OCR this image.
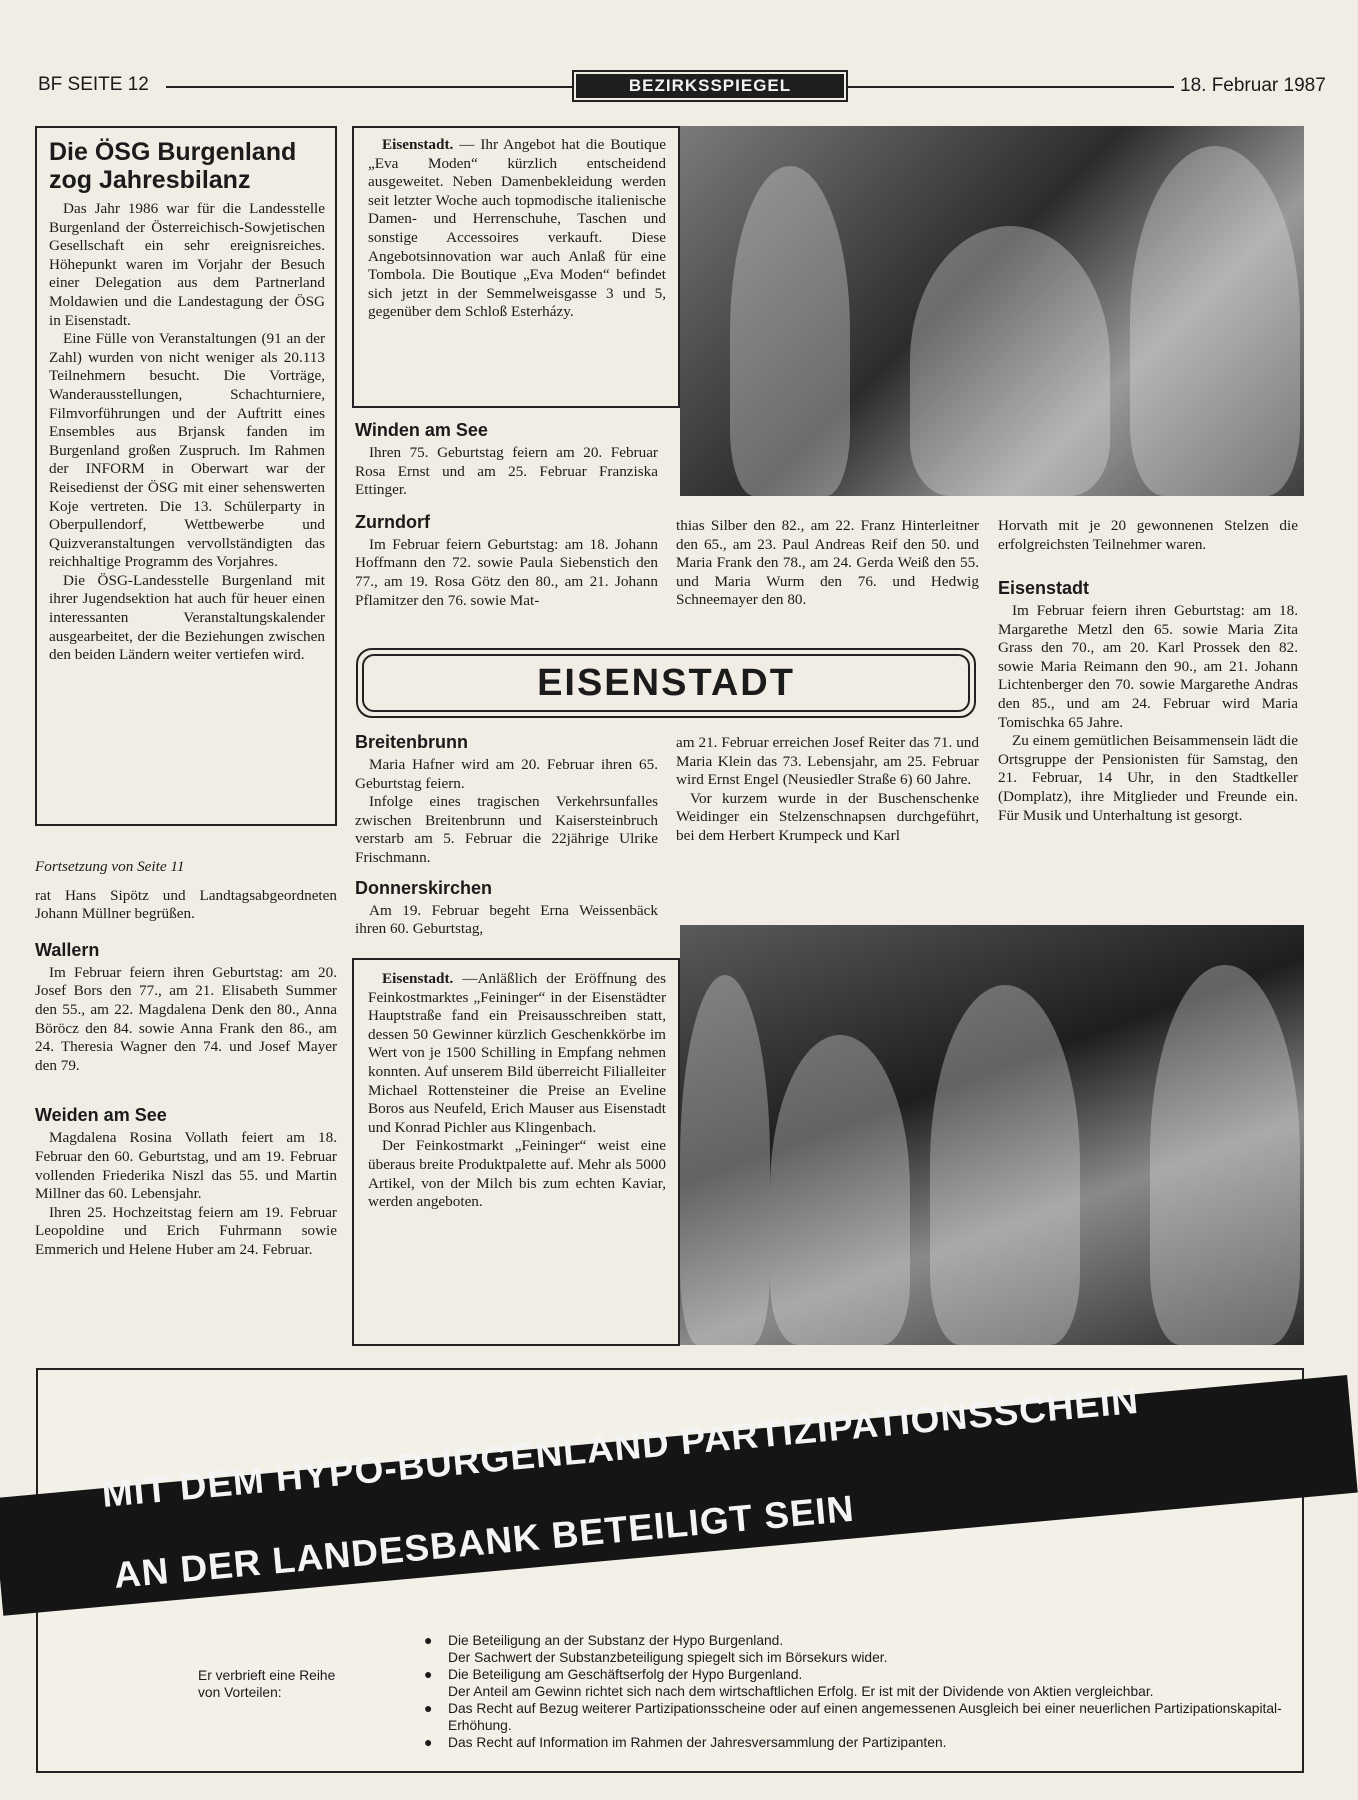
BF SEITE 12	BEZIRKSSPIEGEL	18. Februar 1987
Die ÖSG Burgenland zog Jahresbilanz

Das Jahr 1986 war für die Landesstelle Burgenland der Österreichisch-Sowjetischen Gesellschaft ein sehr ereignisreiches. Höhepunkt waren im Vorjahr der Besuch einer Delegation aus dem Partnerland Moldawien und die Landestagung der ÖSG in Eisenstadt.

Eine Fülle von Veranstaltungen (91 an der Zahl) wurden von nicht weniger als 20.113 Teilnehmern besucht. Die Vorträge, Wanderausstellungen, Schachturniere, Filmvorführungen und der Auftritt eines Ensembles aus Brjansk fanden im Burgenland großen Zuspruch. Im Rahmen der INFORM in Oberwart war der Reisedienst der ÖSG mit einer sehenswerten Koje vertreten. Die 13. Schülerparty in Oberpullendorf, Wettbewerbe und Quizveranstaltungen vervollständigten das reichhaltige Programm des Vorjahres.

Die ÖSG-Landesstelle Burgenland mit ihrer Jugendsektion hat auch für heuer einen interessanten Veranstaltungskalender ausgearbeitet, der die Beziehungen zwischen den beiden Ländern weiter vertiefen wird.

Fortsetzung von Seite 11
rat Hans Sipötz und Landtagsabgeordneten Johann Müllner begrüßen.
Wallern

Im Februar feiern ihren Geburtstag: am 20. Josef Bors den 77., am 21. Elisabeth Summer den 55., am 22. Magdalena Denk den 80., Anna Böröcz den 84. sowie Anna Frank den 86., am 24. Theresia Wagner den 74. und Josef Mayer den 79.

Weiden am See

Magdalena Rosina Vollath feiert am 18. Februar den 60. Geburtstag, und am 19. Februar vollenden Friederika Niszl das 55. und Martin Millner das 60. Lebensjahr.

Ihren 25. Hochzeitstag feiern am 19. Februar Leopoldine und Erich Fuhrmann sowie Emmerich und Helene Huber am 24. Februar.

Eisenstadt. — Ihr Angebot hat die Boutique „Eva Moden“ kürzlich entscheidend ausgeweitet. Neben Damenbekleidung werden seit letzter Woche auch topmodische italienische Damen- und Herrenschuhe, Taschen und sonstige Accessoires verkauft. Diese Angebotsinnovation war auch Anlaß für eine Tombola. Die Boutique „Eva Moden“ befindet sich jetzt in der Semmelweisgasse 3 und 5, gegenüber dem Schloß Esterházy.

Winden am See

Ihren 75. Geburtstag feiern am 20. Februar Rosa Ernst und am 25. Februar Franziska Ettinger.

Zurndorf

Im Februar feiern Geburtstag: am 18. Johann Hoffmann den 72. sowie Paula Siebenstich den 77., am 19. Rosa Götz den 80., am 21. Johann Pflamitzer den 76. sowie Mat-

thias Silber den 82., am 22. Franz Hinterleitner den 65., am 23. Paul Andreas Reif den 50. und Maria Frank den 78., am 24. Gerda Weiß den 55. und Maria Wurm den 76. und Hedwig Schneemayer den 80.
Horvath mit je 20 gewonnenen Stelzen die erfolgreichsten Teilnehmer waren.
Eisenstadt

Im Februar feiern ihren Geburtstag: am 18. Margarethe Metzl den 65. sowie Maria Zita Grass den 70., am 20. Karl Prossek den 82. sowie Maria Reimann den 90., am 21. Johann Lichtenberger den 70. sowie Margarethe Andras den 85., und am 24. Februar wird Maria Tomischka 65 Jahre.

Zu einem gemütlichen Beisammensein lädt die Ortsgruppe der Pensionisten für Samstag, den 21. Februar, 14 Uhr, in den Stadtkeller (Domplatz), ihre Mitglieder und Freunde ein. Für Musik und Unterhaltung ist gesorgt.

EISENSTADT
Breitenbrunn

Maria Hafner wird am 20. Februar ihren 65. Geburtstag feiern.

Infolge eines tragischen Verkehrsunfalles zwischen Breitenbrunn und Kaisersteinbruch verstarb am 5. Februar die 22jährige Ulrike Frischmann.

Donnerskirchen

Am 19. Februar begeht Erna Weissenbäck ihren 60. Geburtstag,

am 21. Februar erreichen Josef Reiter das 71. und Maria Klein das 73. Lebensjahr, am 25. Februar wird Ernst Engel (Neusiedler Straße 6) 60 Jahre.

Vor kurzem wurde in der Buschenschenke Weidinger ein Stelzenschnapsen durchgeführt, bei dem Herbert Krumpeck und Karl

Eisenstadt. —Anläßlich der Eröffnung des Feinkostmarktes „Feininger“ in der Eisenstädter Hauptstraße fand ein Preisausschreiben statt, dessen 50 Gewinner kürzlich Geschenkkörbe im Wert von je 1500 Schilling in Empfang nehmen konnten. Auf unserem Bild überreicht Filialleiter Michael Rottensteiner die Preise an Eveline Boros aus Neufeld, Erich Mauser aus Eisenstadt und Konrad Pichler aus Klingenbach.

Der Feinkostmarkt „Feininger“ weist eine überaus breite Produktpalette auf. Mehr als 5000 Artikel, von der Milch bis zum echten Kaviar, werden angeboten.

MIT DEM HYPO-BURGENLAND PARTIZIPATIONSSCHEIN
AN DER LANDESBANK BETEILIGT SEIN
Er verbrieft eine Reihe von Vorteilen:
Die Beteiligung an der Substanz der Hypo Burgenland.
Der Sachwert der Substanzbeteiligung spiegelt sich im Börsekurs wider.
Die Beteiligung am Geschäftserfolg der Hypo Burgenland.
Der Anteil am Gewinn richtet sich nach dem wirtschaftlichen Erfolg. Er ist mit der Dividende von Aktien vergleichbar.
Das Recht auf Bezug weiterer Partizipationsscheine oder auf einen angemessenen Ausgleich bei einer neuerlichen Partizipationskapital-Erhöhung.
Das Recht auf Information im Rahmen der Jahresversammlung der Partizipanten.
